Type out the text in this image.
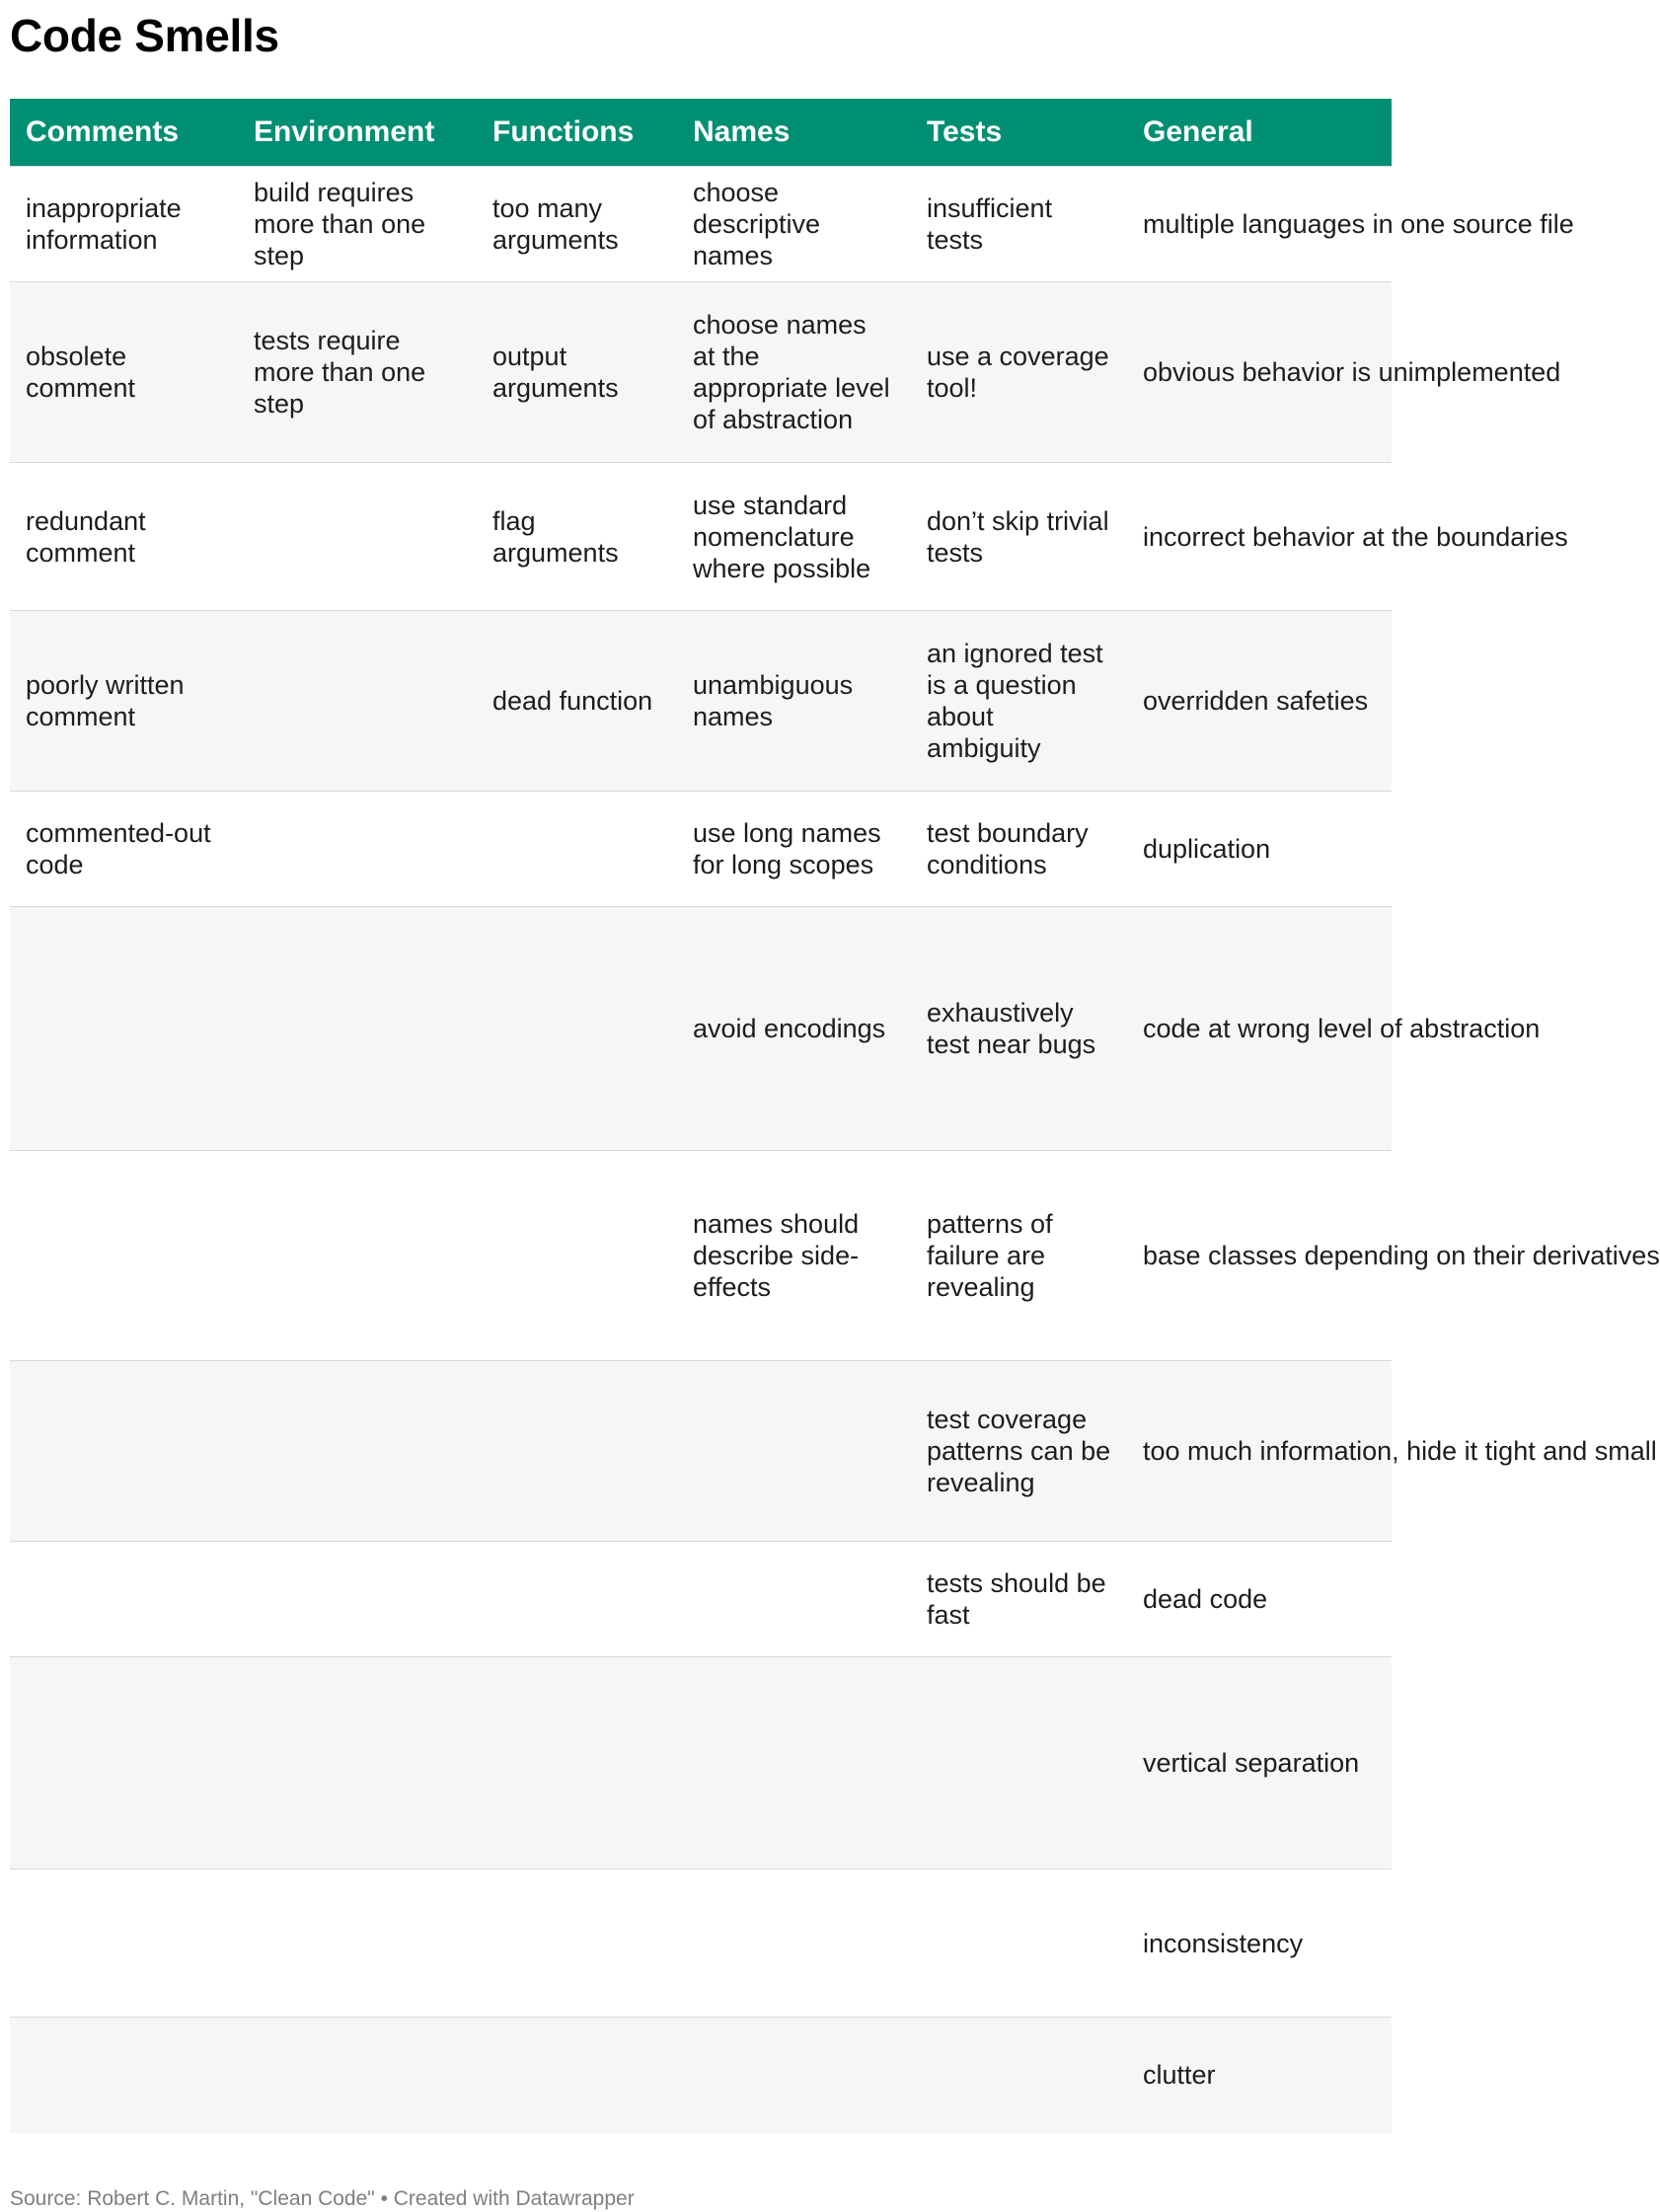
Code Smells
Comments	Environment	Functions	Names	Tests	General
inappropriate information	build requires more than one step	too many arguments	choose descriptive names	insufficient tests	multiple languages in one source file
obsolete comment	tests require more than one step	output arguments	choose names at the appropriate level of abstraction	use a coverage tool!	obvious behavior is unimplemented
redundant comment		flag arguments	use standard nomenclature where possible	don’t skip trivial tests	incorrect behavior at the boundaries
poorly written comment		dead function	unambiguous names	an ignored test is a question about ambiguity	overridden safeties
commented-out code			use long names for long scopes	test boundary conditions	duplication
			avoid encodings	exhaustively test near bugs	code at wrong level of abstraction
			names should describe side-effects	patterns of failure are revealing	base classes depending on their derivatives
				test coverage patterns can be revealing	too much information, hide it tight and small
				tests should be fast	dead code
					vertical separation
					inconsistency
					clutter
Source: Robert C. Martin, "Clean Code" • Created with Datawrapper
